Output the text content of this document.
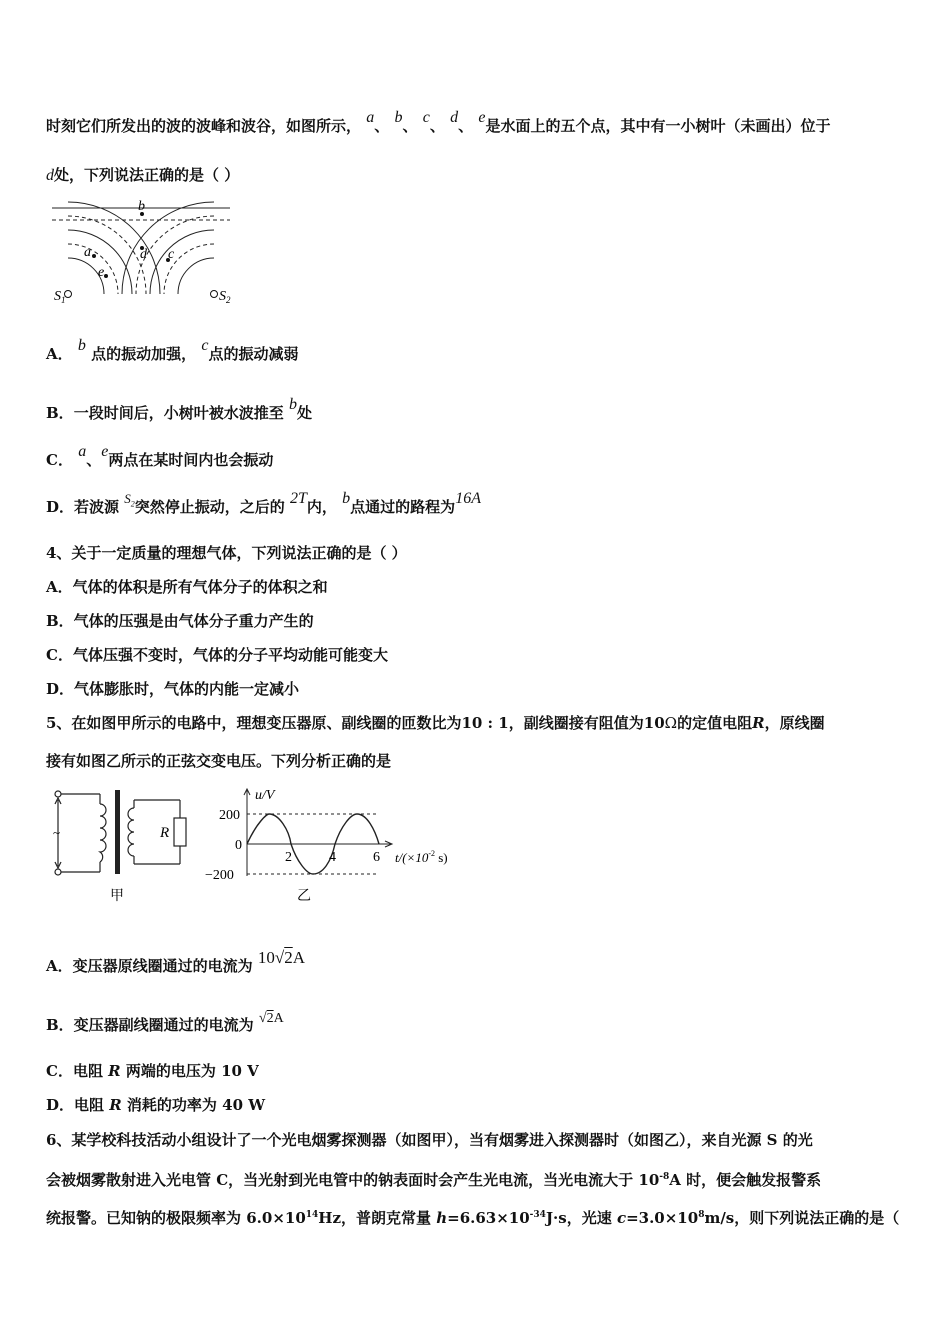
时刻它们所发出的波的波峰和波谷，如图所示， a、 b、 c、 d、 e是水面上的五个点，其中有一小树叶（未画出）位于
d处，下列说法正确的是（ ）
b
a	c
d
e
$S_1$	$S_2$
A． b 点的振动加强， c点的振动减弱
B．一段时间后，小树叶被水波推至 b处
C． a、e两点在某时间内也会振动
D．若波源 $S_2$突然停止振动，之后的 2T内， b点通过的路程为16A
4、关于一定质量的理想气体，下列说法正确的是（ ）
A．气体的体积是所有气体分子的体积之和
B．气体的压强是由气体分子重力产生的
C．气体压强不变时，气体的分子平均动能可能变大
D．气体膨胀时，气体的内能一定减小
5、在如图甲所示的电路中，理想变压器原、副线圈的匝数比为10 : 1，副线圈接有阻值为10Ω的定值电阻R，原线圈
接有如图乙所示的正弦交变电压。下列分析正确的是
~	R
甲
u/V
200
0
−200
2	4	6 $t/(\times 10^{-2}$ s)
乙
A．变压器原线圈通过的电流为 10√2A
B．变压器副线圈通过的电流为 √2A
C．电阻 R 两端的电压为 10 V
D．电阻 R 消耗的功率为 40 W
6、某学校科技活动小组设计了一个光电烟雾探测器（如图甲），当有烟雾进入探测器时（如图乙），来自光源 S 的光
会被烟雾散射进入光电管 C，当光射到光电管中的钠表面时会产生光电流，当光电流大于 $10^{-8}A$ 时，便会触发报警系
统报警。已知钠的极限频率为 $6.0\times 10^{14}Hz$，普朗克常量 $h=6.63\times 10^{-34}J\cdot s$，光速 $c=3.0\times 10^8m/s$，则下列说法正确的是（
